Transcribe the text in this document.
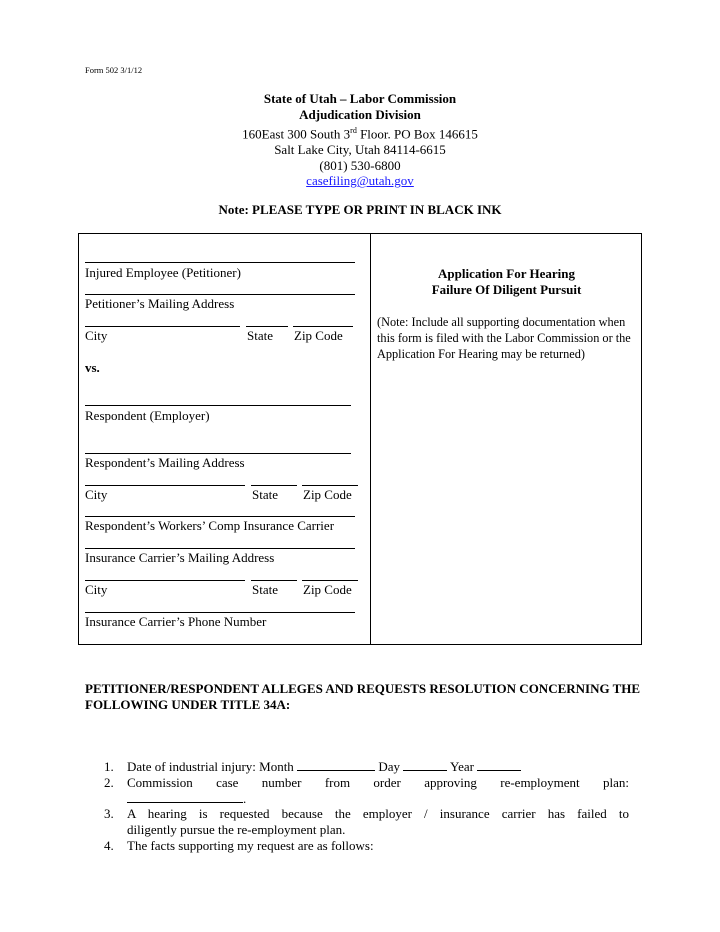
Form 502 3/1/12
State of Utah – Labor Commission
Adjudication Division
160East 300 South 3rd Floor. PO Box 146615
Salt Lake City, Utah 84114-6615
(801) 530-6800
casefiling@utah.gov
Note: PLEASE TYPE OR PRINT IN BLACK INK
Injured Employee (Petitioner)
Petitioner’s Mailing Address
City	State Zip Code
vs.
Respondent (Employer)
Respondent’s Mailing Address
City	State Zip Code
Respondent’s Workers’ Comp Insurance Carrier
Insurance Carrier’s Mailing Address
City	State Zip Code
Insurance Carrier’s Phone Number
Application For Hearing
Failure Of Diligent Pursuit
(Note: Include all supporting documentation when this form is filed with the Labor Commission or the Application For Hearing may be returned)
PETITIONER/RESPONDENT ALLEGES AND REQUESTS RESOLUTION CONCERNING THE FOLLOWING UNDER TITLE 34A:
1. Date of industrial injury: Month	Day	Year
2. Commission case number from order approving re-employment plan:
.
3. A hearing is requested because the employer / insurance carrier has failed to
diligently pursue the re-employment plan.
4. The facts supporting my request are as follows:
